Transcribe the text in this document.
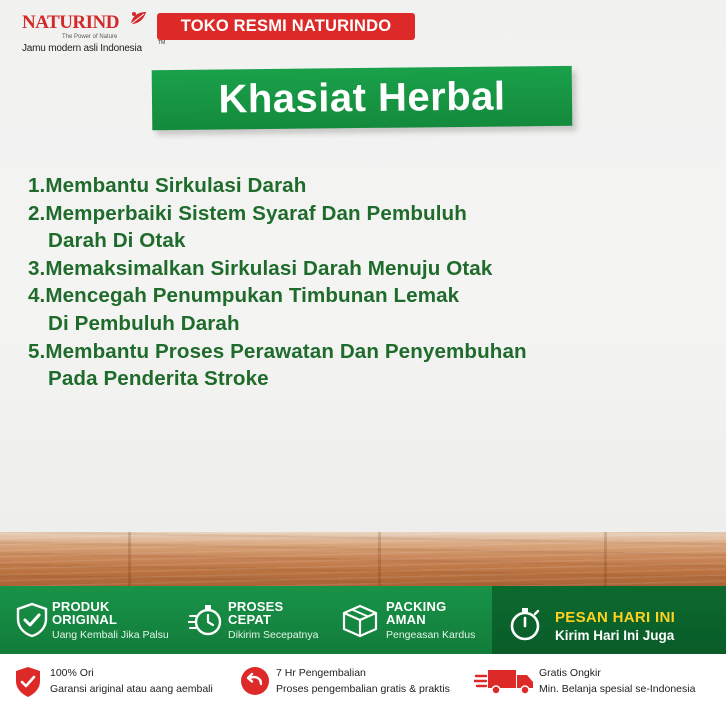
NATURIND
The Power of Nature
Jamu modern asli Indonesia	TM
TOKO RESMI NATURINDO
Khasiat Herbal
1.Membantu Sirkulasi Darah
2.Memperbaiki Sistem Syaraf Dan Pembuluh
Darah Di Otak
3.Memaksimalkan Sirkulasi Darah Menuju Otak
4.Mencegah Penumpukan Timbunan Lemak
Di Pembuluh Darah
5.Membantu Proses Perawatan Dan Penyembuhan
Pada Penderita Stroke
PRODUK
ORIGINAL
Uang Kembali Jika Palsu
PROSES
CEPAT
Dikirim Secepatnya
PACKING
AMAN
Pengeasan Kardus
PESAN HARI INI
Kirim Hari Ini Juga
100% Ori
Garansi ariginal atau aang aembali
7 Hr Pengembalian
Proses pengembalian gratis & praktis
Gratis Ongkir
Min. Belanja spesial se-Indonesia
